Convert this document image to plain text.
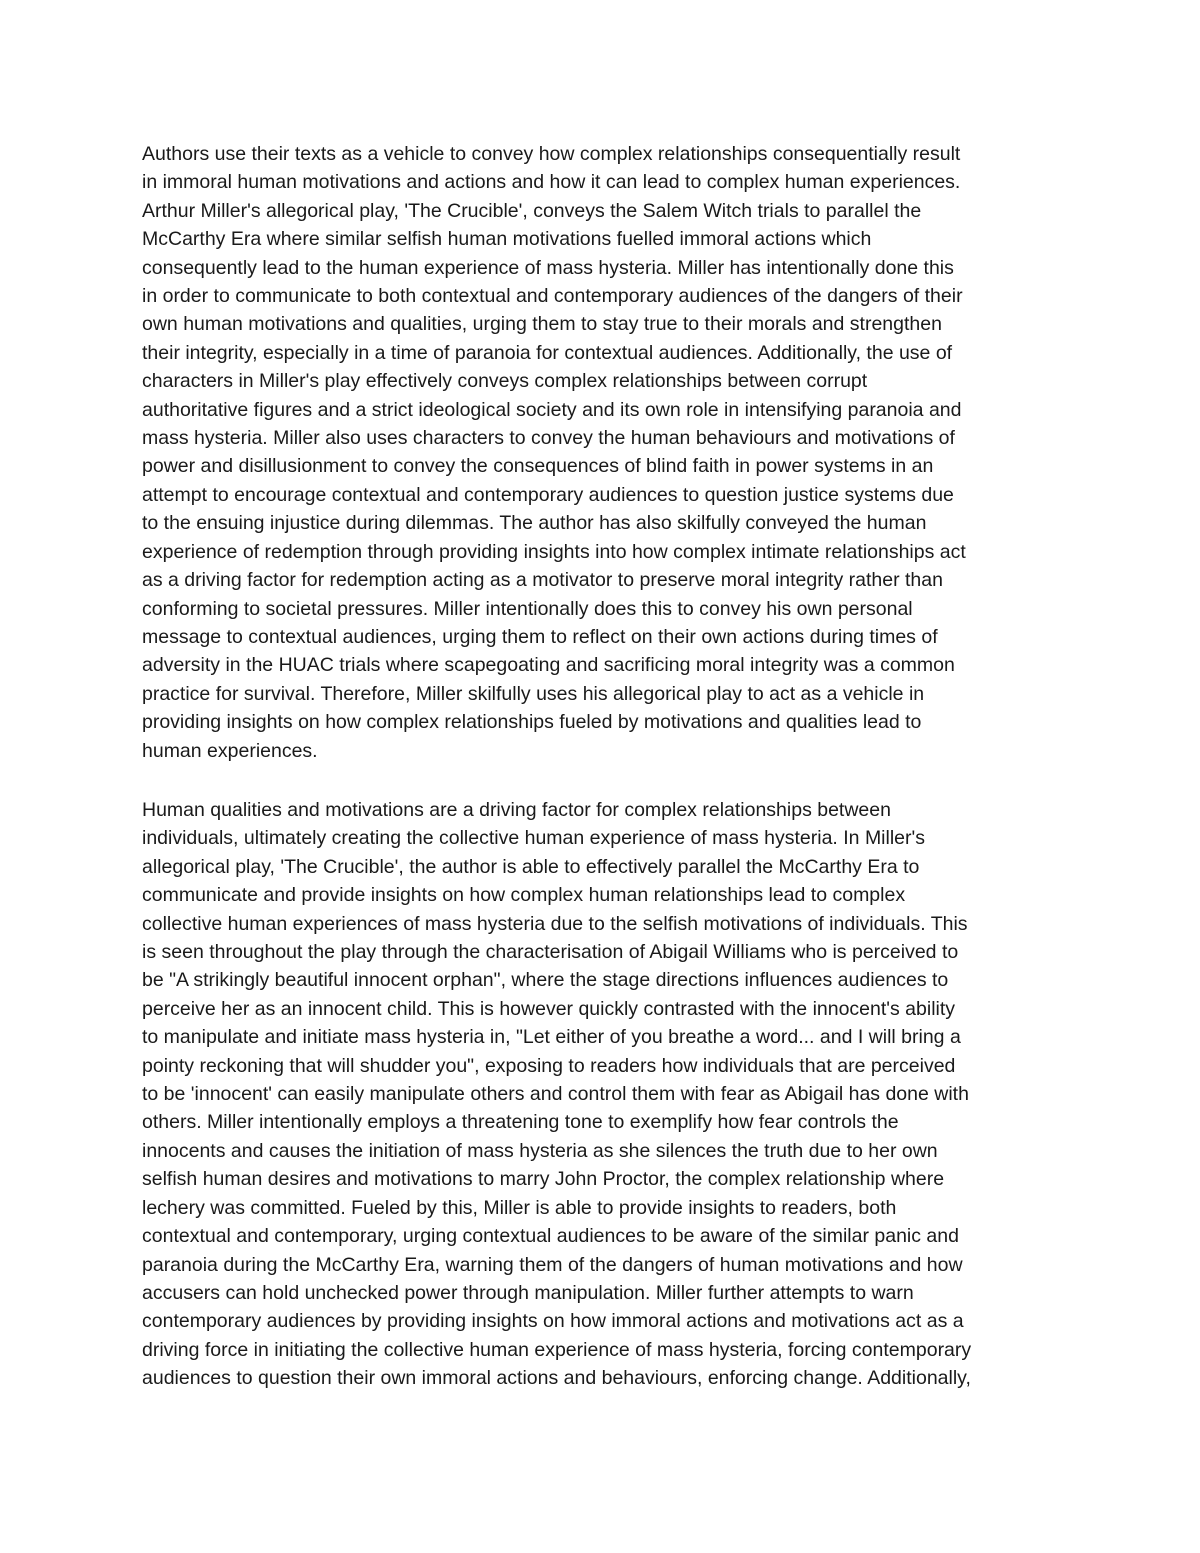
Authors use their texts as a vehicle to convey how complex relationships consequentially result
in immoral human motivations and actions and how it can lead to complex human experiences.
Arthur Miller's allegorical play, 'The Crucible', conveys the Salem Witch trials to parallel the
McCarthy Era where similar selfish human motivations fuelled immoral actions which
consequently lead to the human experience of mass hysteria. Miller has intentionally done this
in order to communicate to both contextual and contemporary audiences of the dangers of their
own human motivations and qualities, urging them to stay true to their morals and strengthen
their integrity, especially in a time of paranoia for contextual audiences. Additionally, the use of
characters in Miller's play effectively conveys complex relationships between corrupt
authoritative figures and a strict ideological society and its own role in intensifying paranoia and
mass hysteria. Miller also uses characters to convey the human behaviours and motivations of
power and disillusionment to convey the consequences of blind faith in power systems in an
attempt to encourage contextual and contemporary audiences to question justice systems due
to the ensuing injustice during dilemmas. The author has also skilfully conveyed the human
experience of redemption through providing insights into how complex intimate relationships act
as a driving factor for redemption acting as a motivator to preserve moral integrity rather than
conforming to societal pressures. Miller intentionally does this to convey his own personal
message to contextual audiences, urging them to reflect on their own actions during times of
adversity in the HUAC trials where scapegoating and sacrificing moral integrity was a common
practice for survival. Therefore, Miller skilfully uses his allegorical play to act as a vehicle in
providing insights on how complex relationships fueled by motivations and qualities lead to
human experiences.
Human qualities and motivations are a driving factor for complex relationships between
individuals, ultimately creating the collective human experience of mass hysteria. In Miller's
allegorical play, 'The Crucible', the author is able to effectively parallel the McCarthy Era to
communicate and provide insights on how complex human relationships lead to complex
collective human experiences of mass hysteria due to the selfish motivations of individuals. This
is seen throughout the play through the characterisation of Abigail Williams who is perceived to
be "A strikingly beautiful innocent orphan", where the stage directions influences audiences to
perceive her as an innocent child. This is however quickly contrasted with the innocent's ability
to manipulate and initiate mass hysteria in, "Let either of you breathe a word... and I will bring a
pointy reckoning that will shudder you", exposing to readers how individuals that are perceived
to be 'innocent' can easily manipulate others and control them with fear as Abigail has done with
others. Miller intentionally employs a threatening tone to exemplify how fear controls the
innocents and causes the initiation of mass hysteria as she silences the truth due to her own
selfish human desires and motivations to marry John Proctor, the complex relationship where
lechery was committed. Fueled by this, Miller is able to provide insights to readers, both
contextual and contemporary, urging contextual audiences to be aware of the similar panic and
paranoia during the McCarthy Era, warning them of the dangers of human motivations and how
accusers can hold unchecked power through manipulation. Miller further attempts to warn
contemporary audiences by providing insights on how immoral actions and motivations act as a
driving force in initiating the collective human experience of mass hysteria, forcing contemporary
audiences to question their own immoral actions and behaviours, enforcing change. Additionally,
